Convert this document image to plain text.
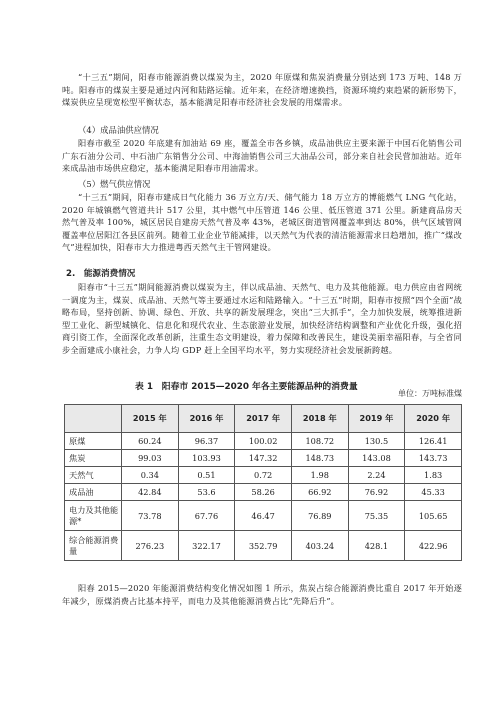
“十三五”期间，阳春市能源消费以煤炭为主，2020 年原煤和焦炭消费量分别达到 173 万吨、148 万吨。阳春市的煤炭主要是通过内河和陆路运输。近年来，在经济增速换挡，资源环境约束趋紧的新形势下，煤炭供应呈现宽松型平衡状态，基本能满足阳春市经济社会发展的用煤需求。

（4）成品油供应情况

阳春市截至 2020 年底建有加油站 69 座，覆盖全市各乡镇，成品油供应主要来源于中国石化销售公司广东石油分公司、中石油广东销售分公司、中海油销售公司三大油品公司，部分来自社会民营加油站。近年来成品油市场供应稳定，基本能满足阳春市用油需求。

（5）燃气供应情况

“十三五”期间，阳春市建成日气化能力 36 万立方/天、储气能力 18 万立方的博能燃气 LNG 气化站，2020 年城镇燃气管道共计 517 公里，其中燃气中压管道 146 公里、低压管道 371 公里。新建商品房天然气普及率 100%，城区居民自建房天然气普及率 43%，老城区街道管网覆盖率到达 80%，供气区域管网覆盖率位居阳江各县区前列。随着工业企业节能减排，以天然气为代表的清洁能源需求日趋增加，推广“煤改气”进程加快，阳春市大力推进粤西天然气主干管网建设。

2.　能源消费情况

阳春市“十三五”期间能源消费以煤炭为主，伴以成品油、天然气、电力及其他能源。电力供应由省网统一调度为主，煤炭、成品油、天然气等主要通过水运和陆路输入。“十三五”时期，阳春市按照“四个全面”战略布局，坚持创新、协调、绿色、开放、共享的新发展理念，突出“三大抓手”，全力加快发展，统筹推进新型工业化、新型城镇化、信息化和现代农业、生态旅游业发展，加快经济结构调整和产业优化升级，强化招商引资工作，全面深化改革创新，注重生态文明建设，着力保障和改善民生，建设美丽幸福阳春，与全省同步全面建成小康社会，力争人均 GDP 赶上全国平均水平，努力实现经济社会发展新跨越。

表 1　阳春市 2015—2020 年各主要能源品种的消费量

单位：万吨标准煤

	2015 年	2016 年	2017 年	2018 年	2019 年	2020 年
原煤	60.24	96.37	100.02	108.72	130.5	126.41
焦炭	99.03	103.93	147.32	148.73	143.08	143.73
天然气	0.34	0.51	0.72	1.98	2.24	1.83
成品油	42.84	53.6	58.26	66.92	76.92	45.33
电力及其他能源*	73.78	67.76	46.47	76.89	75.35	105.65
综合能源消费量	276.23	322.17	352.79	403.24	428.1	422.96

阳春 2015—2020 年能源消费结构变化情况如图 1 所示，焦炭占综合能源消费比重自 2017 年开始逐年减少，原煤消费占比基本持平，而电力及其他能源消费占比“先降后升”。
